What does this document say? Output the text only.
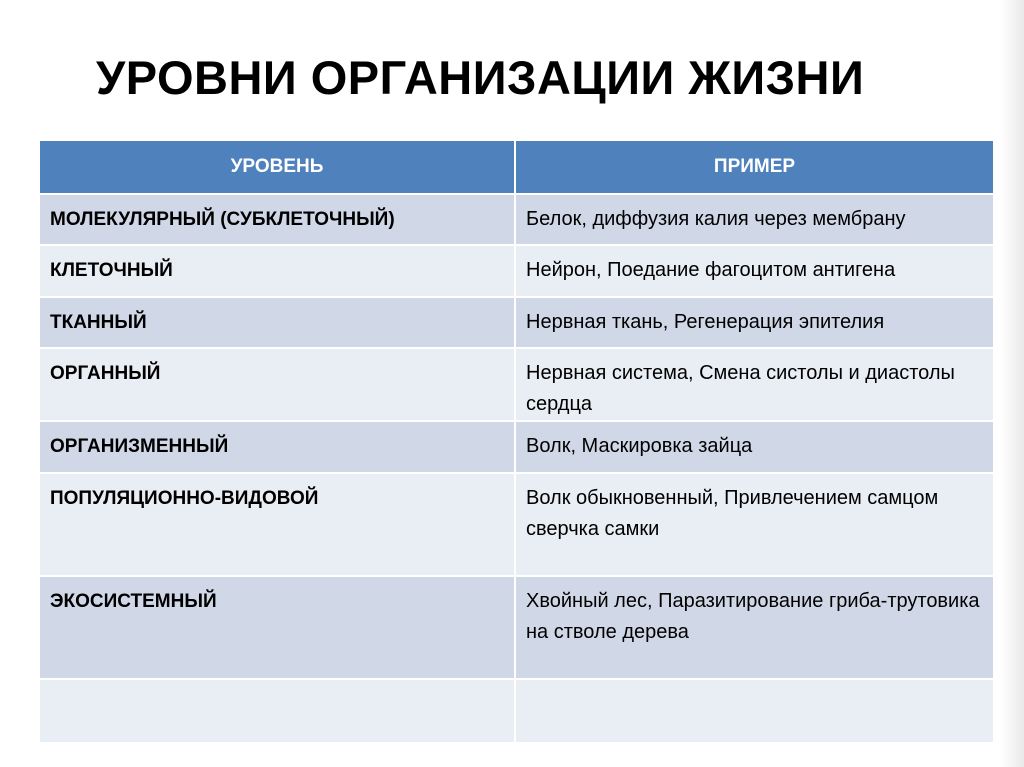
УРОВНИ ОРГАНИЗАЦИИ ЖИЗНИ
УРОВЕНЬ	ПРИМЕР
МОЛЕКУЛЯРНЫЙ (СУБКЛЕТОЧНЫЙ)	Белок, диффузия калия через мембрану
КЛЕТОЧНЫЙ	Нейрон, Поедание фагоцитом антигена
ТКАННЫЙ	Нервная ткань, Регенерация эпителия
ОРГАННЫЙ	Нервная система, Смена систолы и диастолы сердца
ОРГАНИЗМЕННЫЙ	Волк, Маскировка зайца
ПОПУЛЯЦИОННО-ВИДОВОЙ	Волк обыкновенный, Привлечением самцом сверчка самки
ЭКОСИСТЕМНЫЙ	Хвойный лес, Паразитирование гриба-трутовика на стволе дерева
